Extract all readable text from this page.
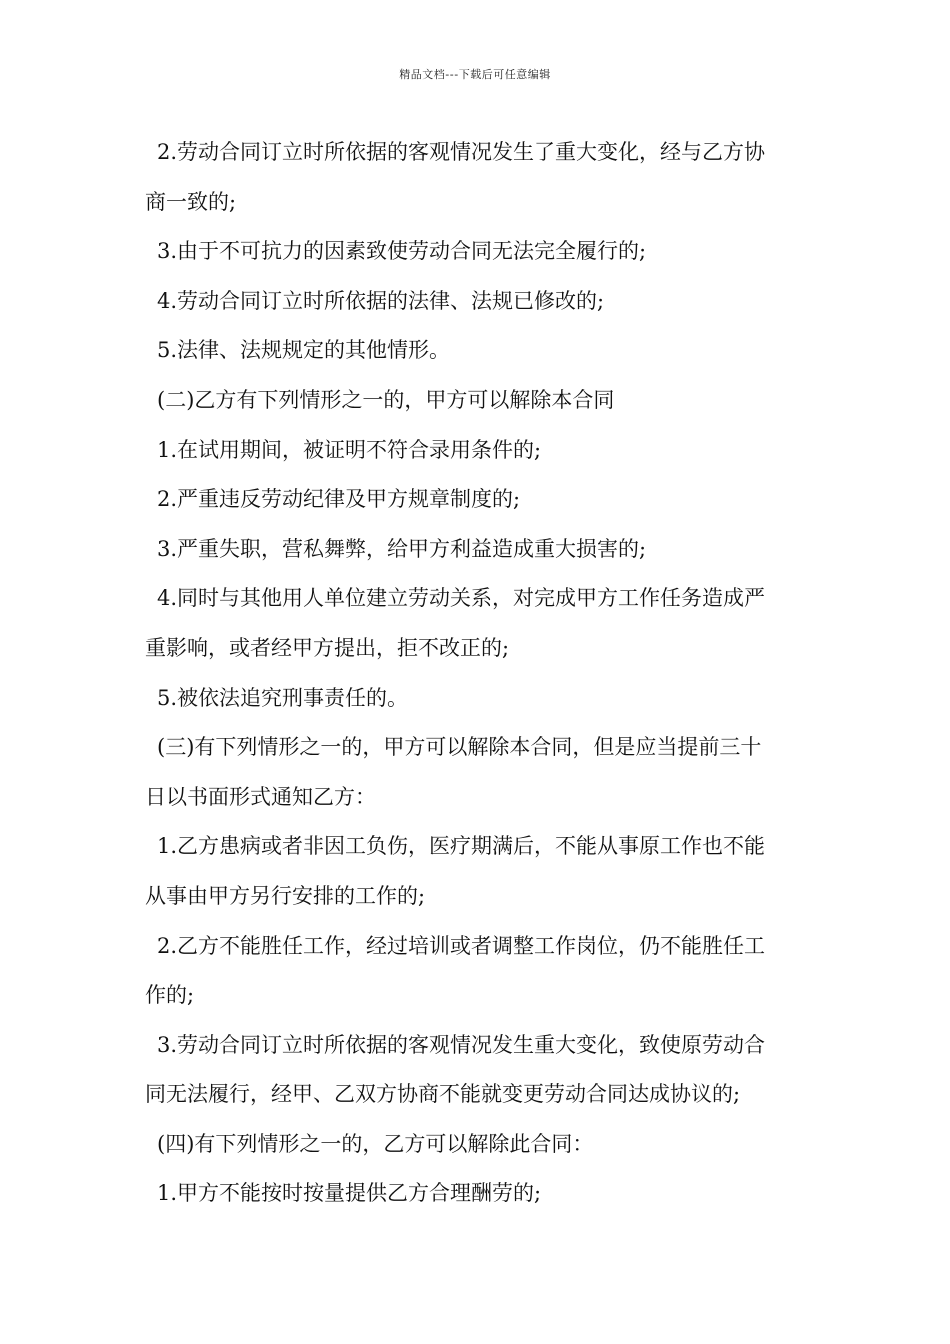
精品文档---下载后可任意编辑
2.劳动合同订立时所依据的客观情况发生了重大变化，经与乙方协
商一致的;
3.由于不可抗力的因素致使劳动合同无法完全履行的;
4.劳动合同订立时所依据的法律、法规已修改的;
5.法律、法规规定的其他情形。
(二)乙方有下列情形之一的，甲方可以解除本合同
1.在试用期间，被证明不符合录用条件的;
2.严重违反劳动纪律及甲方规章制度的;
3.严重失职，营私舞弊，给甲方利益造成重大损害的;
4.同时与其他用人单位建立劳动关系，对完成甲方工作任务造成严
重影响，或者经甲方提出，拒不改正的;
5.被依法追究刑事责任的。
(三)有下列情形之一的，甲方可以解除本合同，但是应当提前三十
日以书面形式通知乙方：
1.乙方患病或者非因工负伤，医疗期满后，不能从事原工作也不能
从事由甲方另行安排的工作的;
2.乙方不能胜任工作，经过培训或者调整工作岗位，仍不能胜任工
作的;
3.劳动合同订立时所依据的客观情况发生重大变化，致使原劳动合
同无法履行，经甲、乙双方协商不能就变更劳动合同达成协议的;
(四)有下列情形之一的，乙方可以解除此合同：
1.甲方不能按时按量提供乙方合理酬劳的;
